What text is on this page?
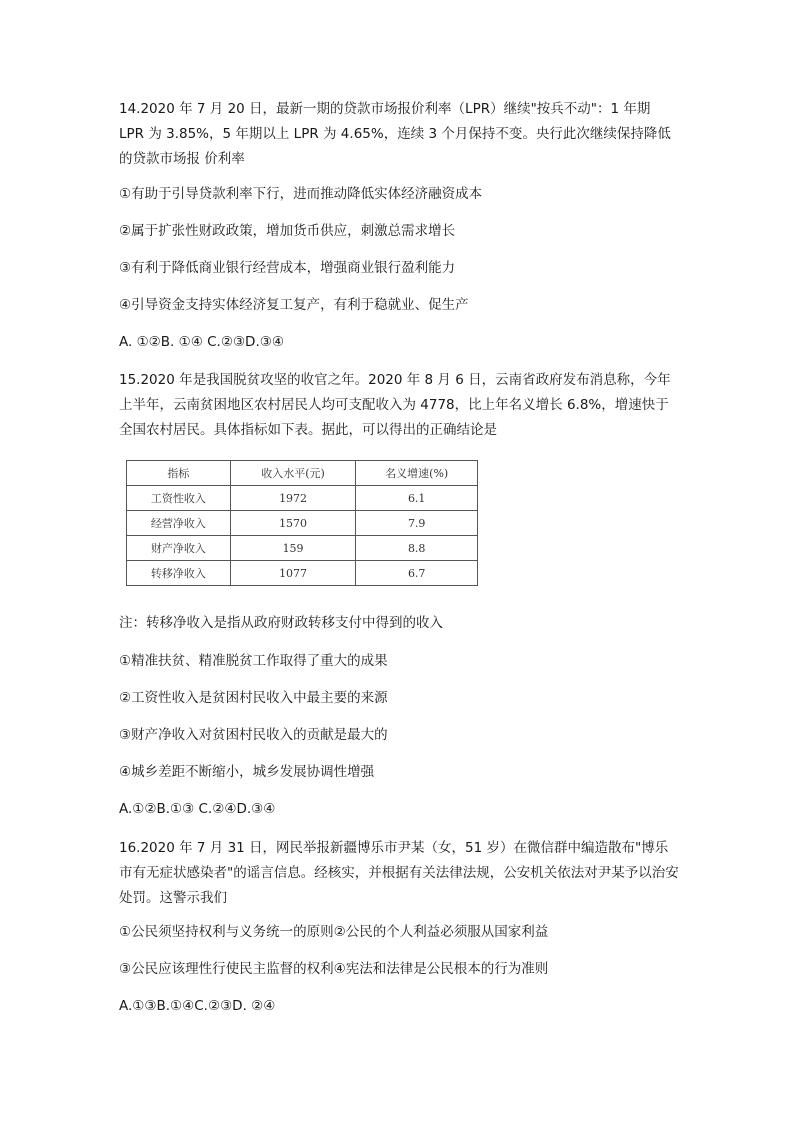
14.2020 年 7 月 20 日，最新一期的贷款市场报价利率（LPR）继续"按兵不动"：1 年期 LPR 为 3.85%，5 年期以上 LPR 为 4.65%，连续 3 个月保持不变。央行此次继续保持降低的贷款市场报 价利率

①有助于引导贷款利率下行，进而推动降低实体经济融资成本

②属于扩张性财政政策，增加货币供应，刺激总需求增长

③有利于降低商业银行经营成本，增强商业银行盈利能力

④引导资金支持实体经济复工复产，有利于稳就业、促生产

A. ①②B. ①④ C.②③D.③④

15.2020 年是我国脱贫攻坚的收官之年。2020 年 8 月 6 日，云南省政府发布消息称，今年上半年，云南贫困地区农村居民人均可支配收入为 4778，比上年名义增长 6.8%，增速快于全国农村居民。具体指标如下表。据此，可以得出的正确结论是

指标	收入水平(元)	名义增速(%)
工资性收入	1972	6.1
经营净收入	1570	7.9
财产净收入	159	8.8
转移净收入	1077	6.7

注：转移净收入是指从政府财政转移支付中得到的收入

①精准扶贫、精准脱贫工作取得了重大的成果

②工资性收入是贫困村民收入中最主要的来源

③财产净收入对贫困村民收入的贡献是最大的

④城乡差距不断缩小，城乡发展协调性增强

A.①②B.①③ C.②④D.③④

16.2020 年 7 月 31 日，网民举报新疆博乐市尹某（女，51 岁）在微信群中编造散布"博乐市有无症状感染者"的谣言信息。经核实，并根据有关法律法规，公安机关依法对尹某予以治安处罚。这警示我们

①公民须坚持权利与义务统一的原则②公民的个人利益必须服从国家利益

③公民应该理性行使民主监督的权利④宪法和法律是公民根本的行为准则

A.①③B.①④C.②③D. ②④
